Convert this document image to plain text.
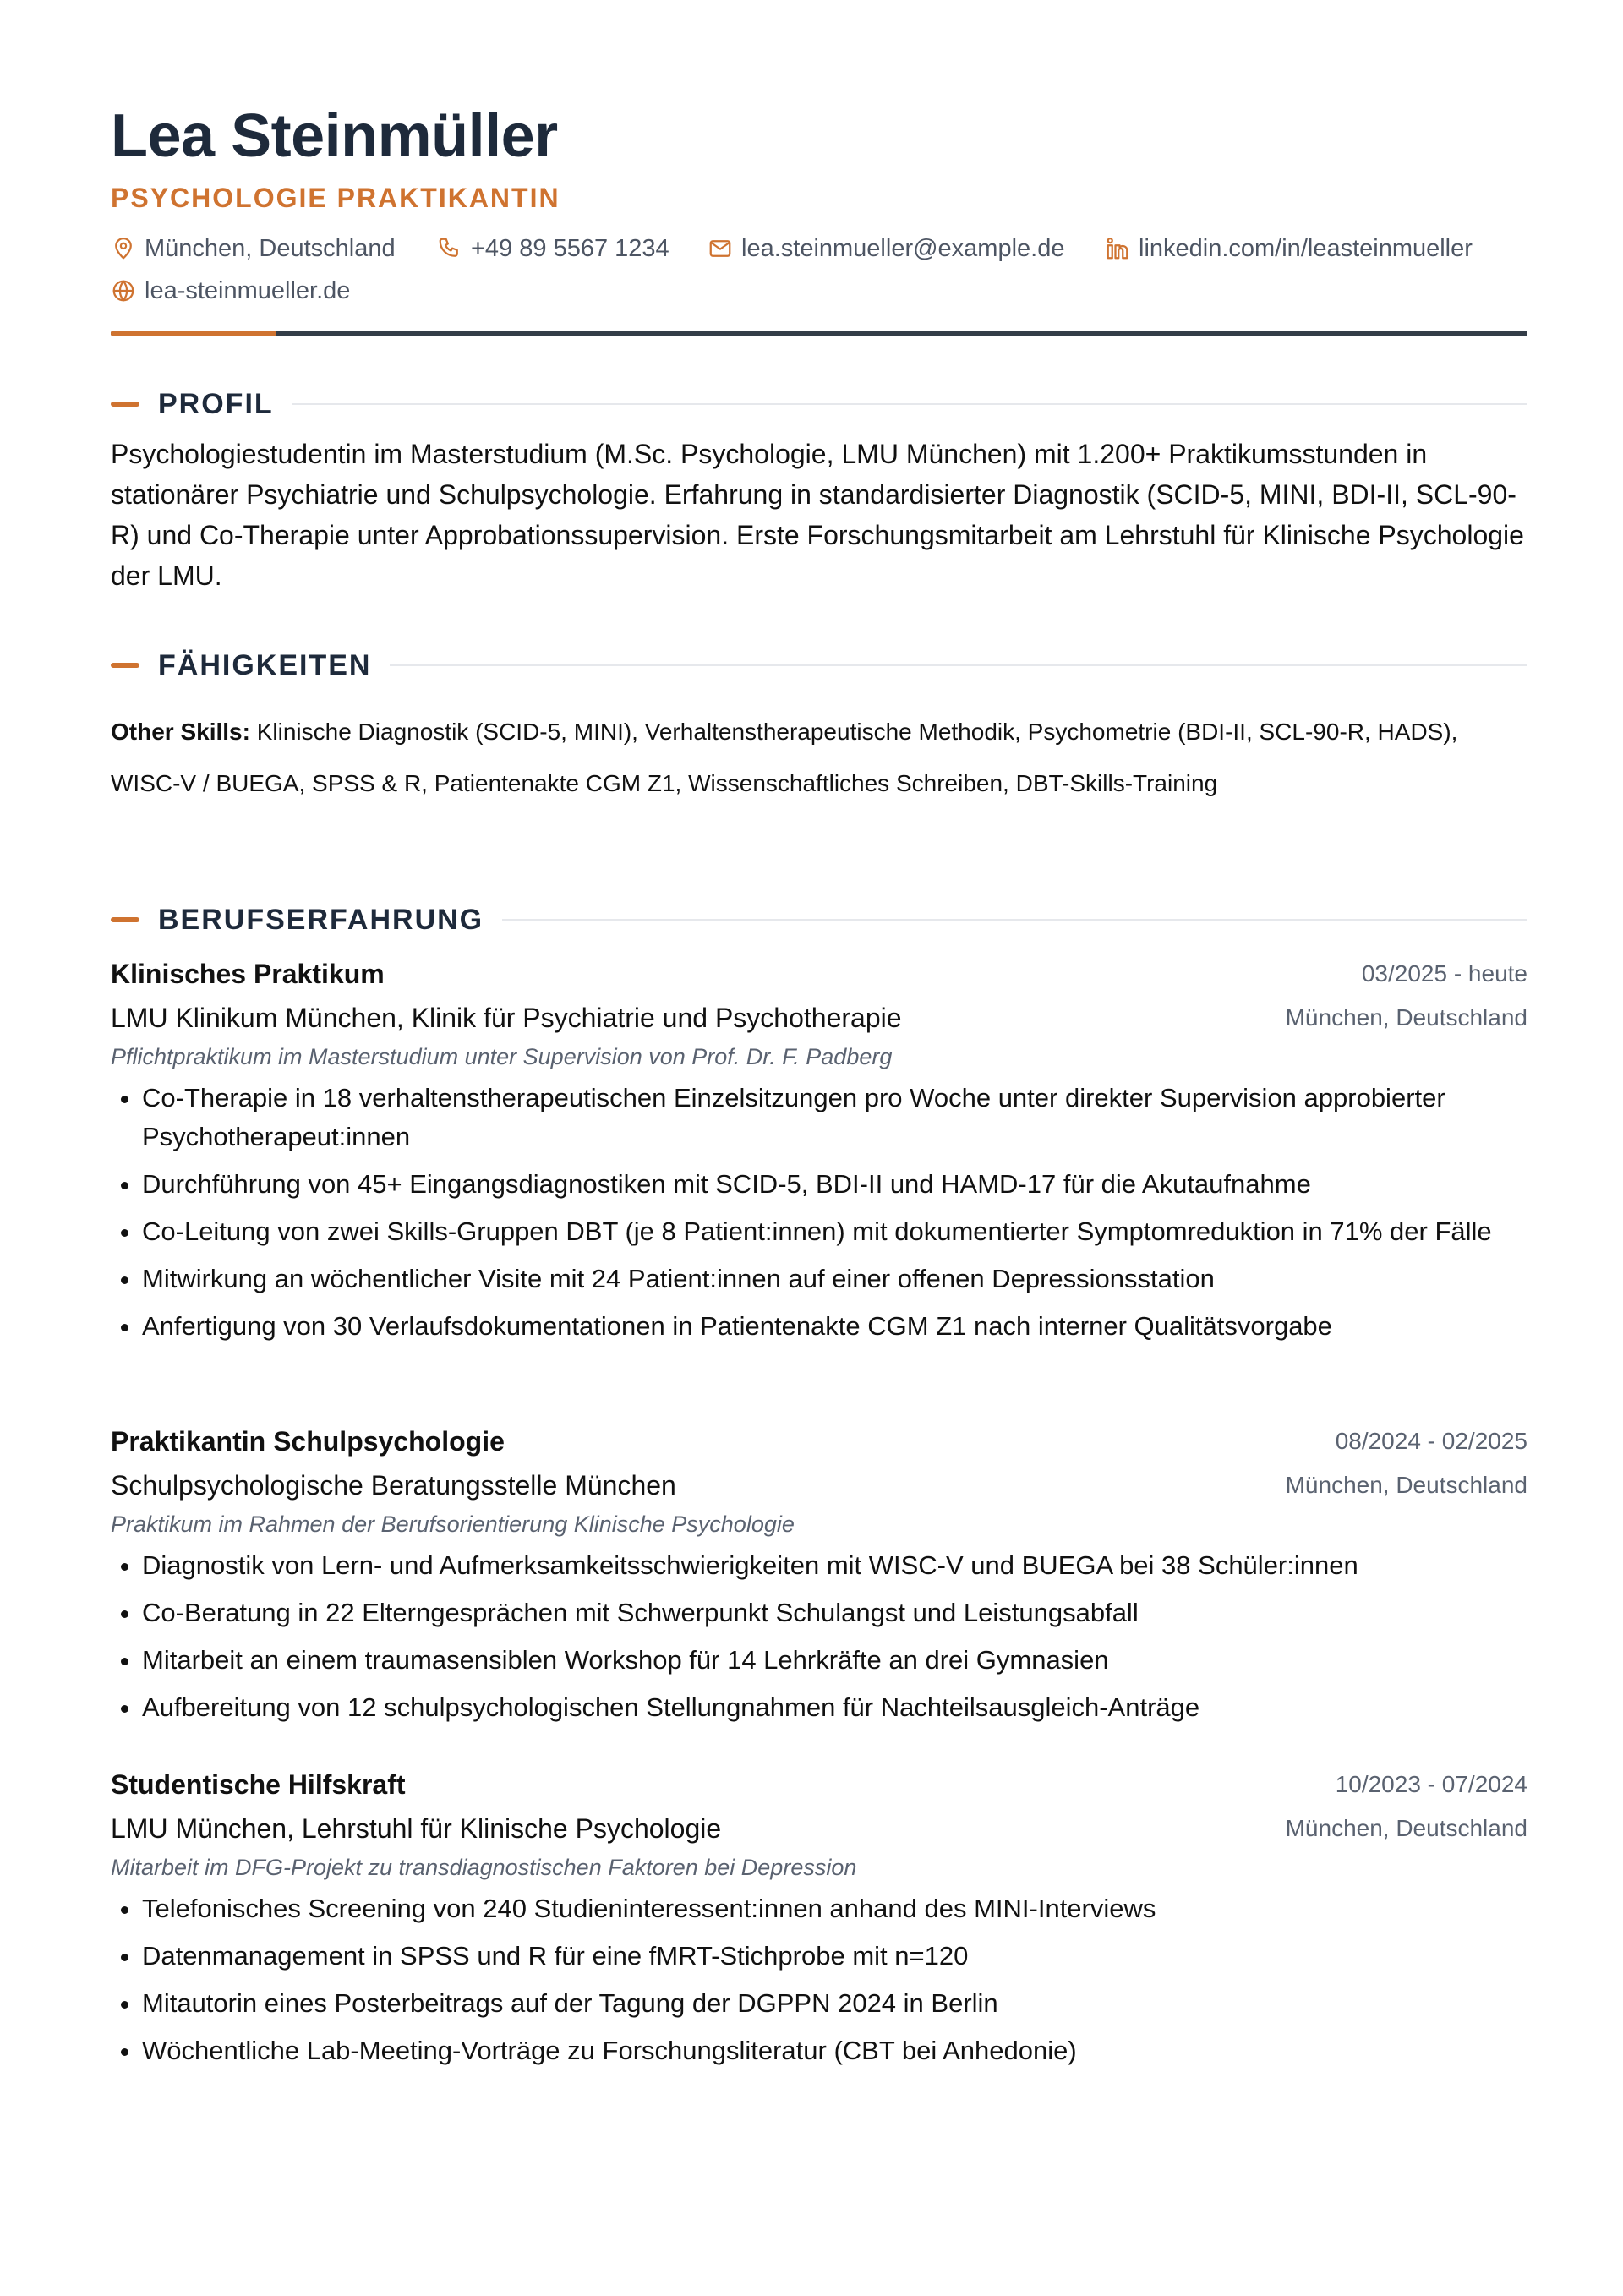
Lea Steinmüller
PSYCHOLOGIE PRAKTIKANTIN
München, Deutschland	+49 89 5567 1234	lea.steinmueller@example.de	linkedin.com/in/leasteinmueller
lea-steinmueller.de
PROFIL
Psychologiestudentin im Masterstudium (M.Sc. Psychologie, LMU München) mit 1.200+ Praktikumsstunden in stationärer Psychiatrie und Schulpsychologie. Erfahrung in standardisierter Diagnostik (SCID-5, MINI, BDI-II, SCL-90-R) und Co-Therapie unter Approbationssupervision. Erste Forschungsmitarbeit am Lehrstuhl für Klinische Psychologie der LMU.
FÄHIGKEITEN
Other Skills: Klinische Diagnostik (SCID-5, MINI), Verhaltenstherapeutische Methodik, Psychometrie (BDI-II, SCL-90-R, HADS), WISC-V / BUEGA, SPSS & R, Patientenakte CGM Z1, Wissenschaftliches Schreiben, DBT-Skills-Training
BERUFSERFAHRUNG
Klinisches Praktikum	03/2025 - heute
LMU Klinikum München, Klinik für Psychiatrie und Psychotherapie	München, Deutschland
Pflichtpraktikum im Masterstudium unter Supervision von Prof. Dr. F. Padberg
• Co-Therapie in 18 verhaltenstherapeutischen Einzelsitzungen pro Woche unter direkter Supervision approbierter Psychotherapeut:innen
• Durchführung von 45+ Eingangsdiagnostiken mit SCID-5, BDI-II und HAMD-17 für die Akutaufnahme
• Co-Leitung von zwei Skills-Gruppen DBT (je 8 Patient:innen) mit dokumentierter Symptomreduktion in 71% der Fälle
• Mitwirkung an wöchentlicher Visite mit 24 Patient:innen auf einer offenen Depressionsstation
• Anfertigung von 30 Verlaufsdokumentationen in Patientenakte CGM Z1 nach interner Qualitätsvorgabe
Praktikantin Schulpsychologie	08/2024 - 02/2025
Schulpsychologische Beratungsstelle München	München, Deutschland
Praktikum im Rahmen der Berufsorientierung Klinische Psychologie
• Diagnostik von Lern- und Aufmerksamkeitsschwierigkeiten mit WISC-V und BUEGA bei 38 Schüler:innen
• Co-Beratung in 22 Elterngesprächen mit Schwerpunkt Schulangst und Leistungsabfall
• Mitarbeit an einem traumasensiblen Workshop für 14 Lehrkräfte an drei Gymnasien
• Aufbereitung von 12 schulpsychologischen Stellungnahmen für Nachteilsausgleich-Anträge
Studentische Hilfskraft	10/2023 - 07/2024
LMU München, Lehrstuhl für Klinische Psychologie	München, Deutschland
Mitarbeit im DFG-Projekt zu transdiagnostischen Faktoren bei Depression
• Telefonisches Screening von 240 Studieninteressent:innen anhand des MINI-Interviews
• Datenmanagement in SPSS und R für eine fMRT-Stichprobe mit n=120
• Mitautorin eines Posterbeitrags auf der Tagung der DGPPN 2024 in Berlin
• Wöchentliche Lab-Meeting-Vorträge zu Forschungsliteratur (CBT bei Anhedonie)
